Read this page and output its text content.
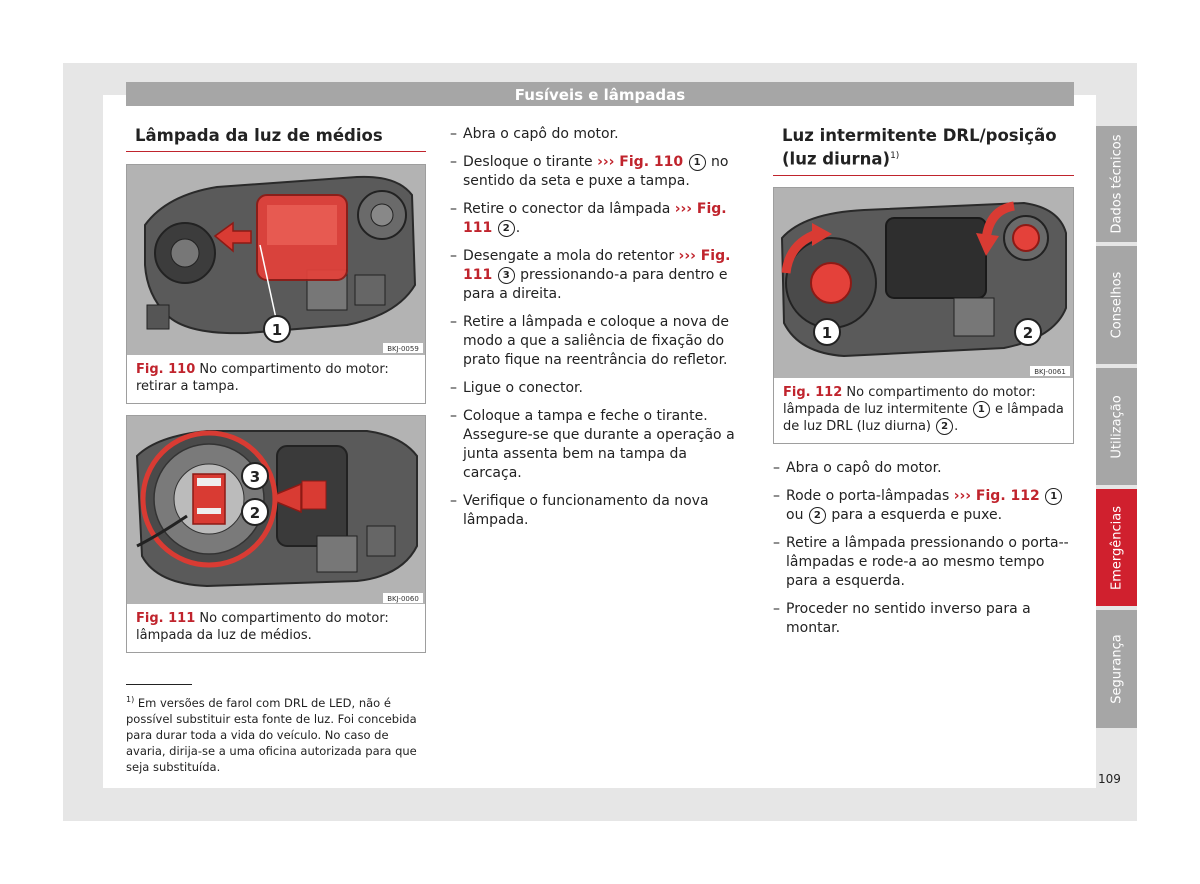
Fusíveis e lâmpadas
Lâmpada da luz de médios
1
BKJ-0059
Fig. 110 No compartimento do motor: retirar a tampa.
3
2
BKJ-0060
Fig. 111 No compartimento do motor: lâmpada da luz de médios.
$^{1)}$ Em versões de farol com DRL de LED, não é possível substituir esta fonte de luz. Foi concebida para durar toda a vida do veículo. No caso de avaria, dirija-se a uma oficina autorizada para que seja substituída.
– Abra o capô do motor.
– Desloque o tirante ››› Fig. 110 1 no sentido da seta e puxe a tampa.
– Retire o conector da lâmpada ››› Fig. 111 2 .
– Desengate a mola do retentor ››› Fig. 111 3 pressionando-a para dentro e para a direita.
– Retire a lâmpada e coloque a nova de modo a que a saliência de fixação do prato fique na reentrância do refletor.
– Ligue o conector.
– Coloque a tampa e feche o tirante. Assegure-se que durante a operação a junta assenta bem na tampa da carcaça.
– Verifique o funcionamento da nova lâmpada.
Luz intermitente DRL/posição (luz diurna)$^{1)}$
1	2
BKJ-0061
Fig. 112 No compartimento do motor: lâmpada de luz intermitente 1 e lâmpada de luz DRL (luz diurna) 2 .
– Abra o capô do motor.
– Rode o porta-lâmpadas ››› Fig. 112 1 ou 2 para a esquerda e puxe.
– Retire a lâmpada pressionando o porta--lâmpadas e rode-a ao mesmo tempo para a esquerda.
– Proceder no sentido inverso para a montar.
Dados técnicos
Conselhos
Utilização
Emergências
Segurança
109
